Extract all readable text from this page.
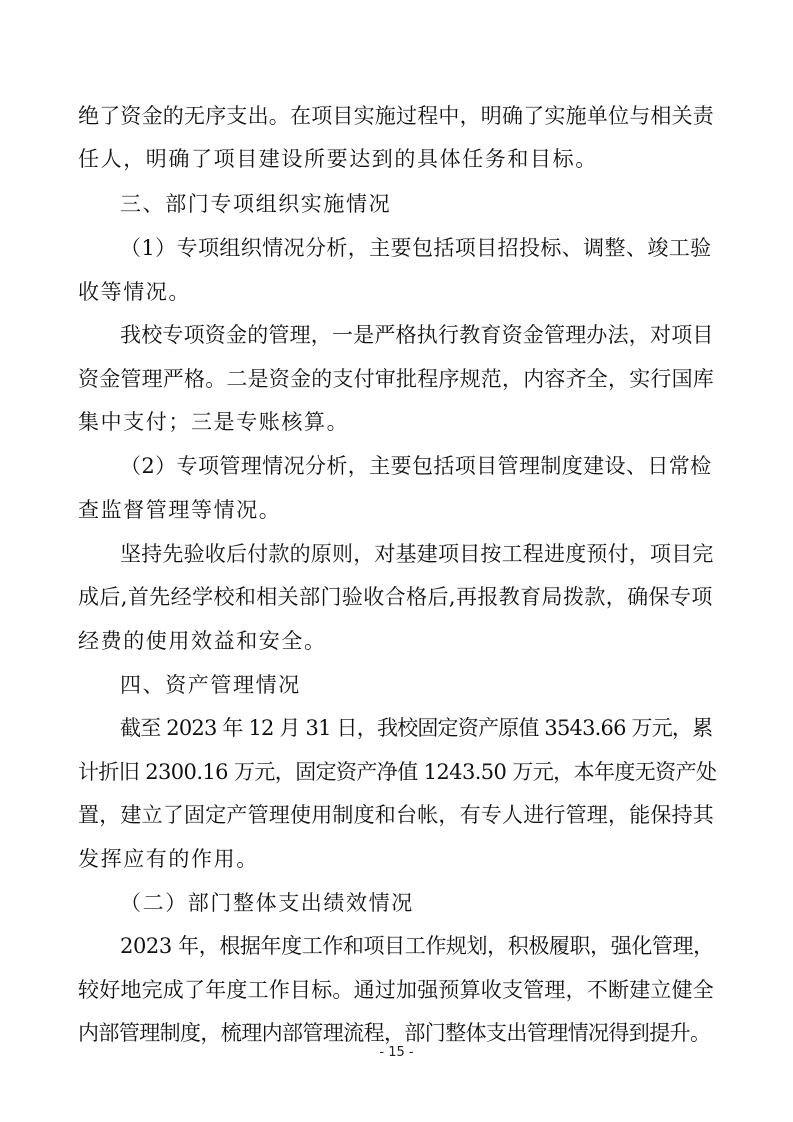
绝了资金的无序支出。在项目实施过程中，明确了实施单位与相关责
任人，明确了项目建设所要达到的具体任务和目标。
三、部门专项组织实施情况
（1）专项组织情况分析，主要包括项目招投标、调整、竣工验
收等情况。
我校专项资金的管理，一是严格执行教育资金管理办法，对项目
资金管理严格。二是资金的支付审批程序规范，内容齐全，实行国库
集中支付；三是专账核算。
（2）专项管理情况分析，主要包括项目管理制度建设、日常检
查监督管理等情况。
坚持先验收后付款的原则，对基建项目按工程进度预付，项目完
成后,首先经学校和相关部门验收合格后,再报教育局拨款，确保专项
经费的使用效益和安全。
四、资产管理情况
截至 2023 年 12 月 31 日，我校固定资产原值 3543.66 万元，累
计折旧 2300.16 万元，固定资产净值 1243.50 万元，本年度无资产处
置，建立了固定产管理使用制度和台帐，有专人进行管理，能保持其
发挥应有的作用。
（二）部门整体支出绩效情况
2023 年，根据年度工作和项目工作规划，积极履职，强化管理，
较好地完成了年度工作目标。通过加强预算收支管理，不断建立健全
内部管理制度，梳理内部管理流程，部门整体支出管理情况得到提升。
- 15 -
